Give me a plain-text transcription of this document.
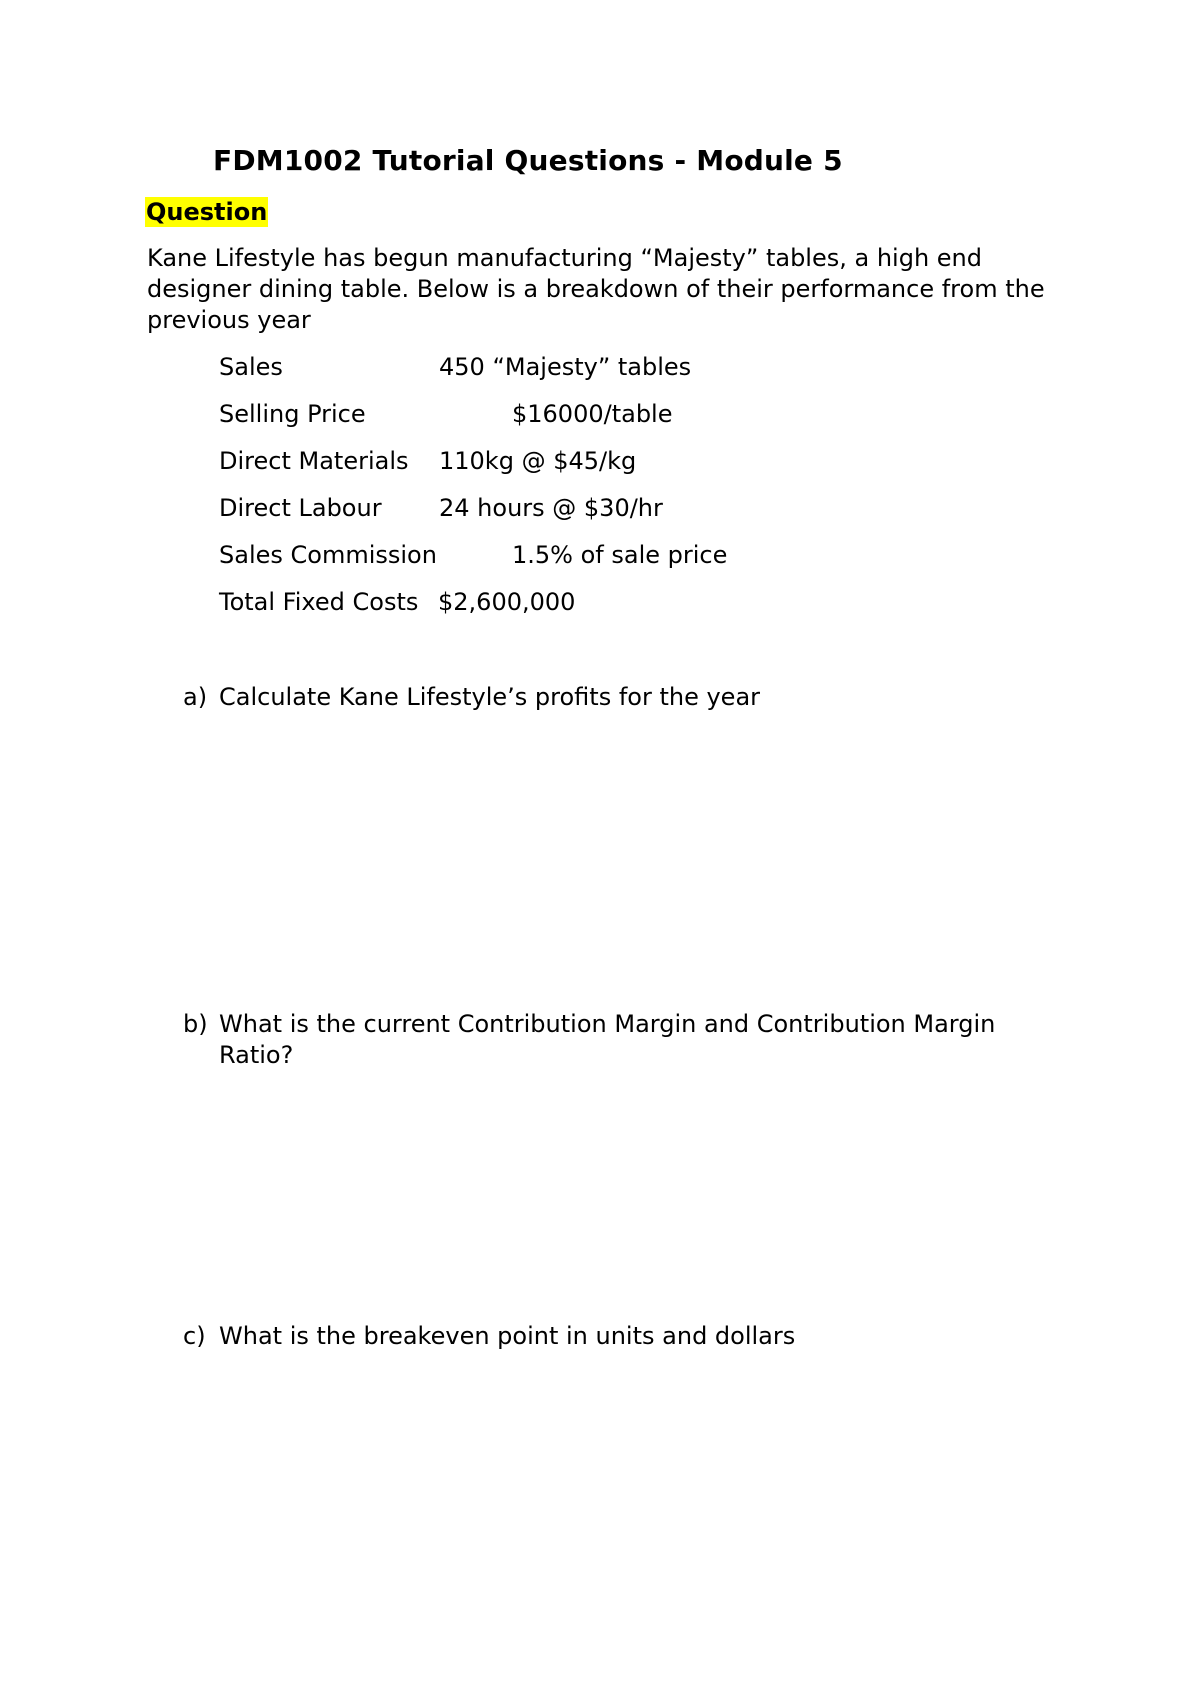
FDM1002 Tutorial Questions - Module 5
Question
Kane Lifestyle has begun manufacturing “Majesty” tables, a high end designer dining table. Below is a breakdown of their performance from the previous year
Sales	450 “Majesty” tables
Selling Price	$16000/table
Direct Materials 110kg @ $45/kg
Direct Labour 24 hours @ $30/hr
Sales Commission	1.5% of sale price
Total Fixed Costs $2,600,000
a) Calculate Kane Lifestyle’s profits for the year
b) What is the current Contribution Margin and Contribution Margin Ratio?
c) What is the breakeven point in units and dollars
